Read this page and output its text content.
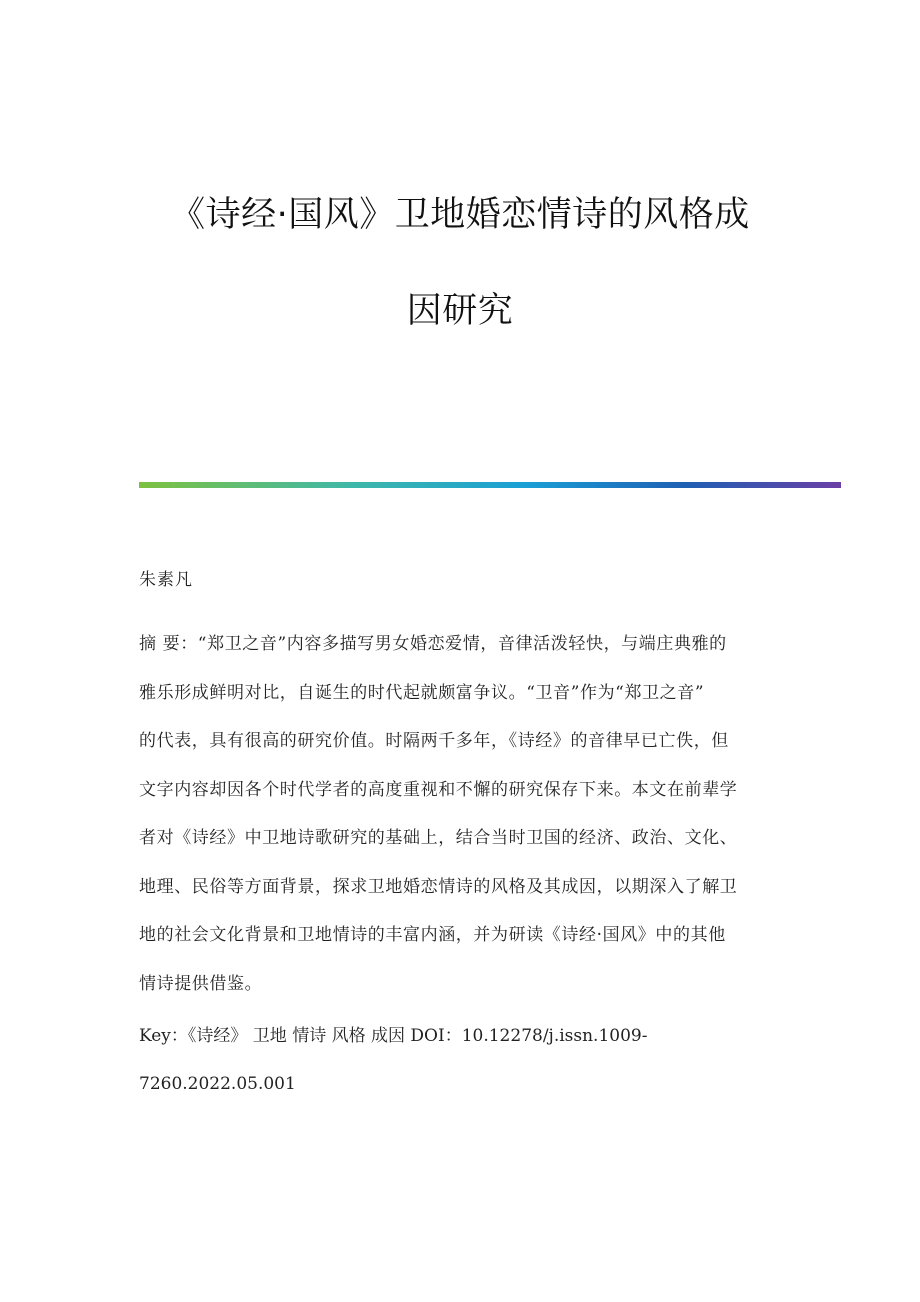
《诗经·国风》卫地婚恋情诗的风格成
因研究
朱素凡
摘 要：“郑卫之音”内容多描写男女婚恋爱情，音律活泼轻快，与端庄典雅的
雅乐形成鲜明对比，自诞生的时代起就颇富争议。“卫音”作为“郑卫之音”
的代表，具有很高的研究价值。时隔两千多年，《诗经》的音律早已亡佚，但
文字内容却因各个时代学者的高度重视和不懈的研究保存下来。本文在前辈学
者对《诗经》中卫地诗歌研究的基础上，结合当时卫国的经济、政治、文化、
地理、民俗等方面背景，探求卫地婚恋情诗的风格及其成因，以期深入了解卫
地的社会文化背景和卫地情诗的丰富内涵，并为研读《诗经·国风》中的其他
情诗提供借鉴。
Key：《诗经》 卫地 情诗 风格 成因 DOI：10.12278/j.issn.1009-
7260.2022.05.001
